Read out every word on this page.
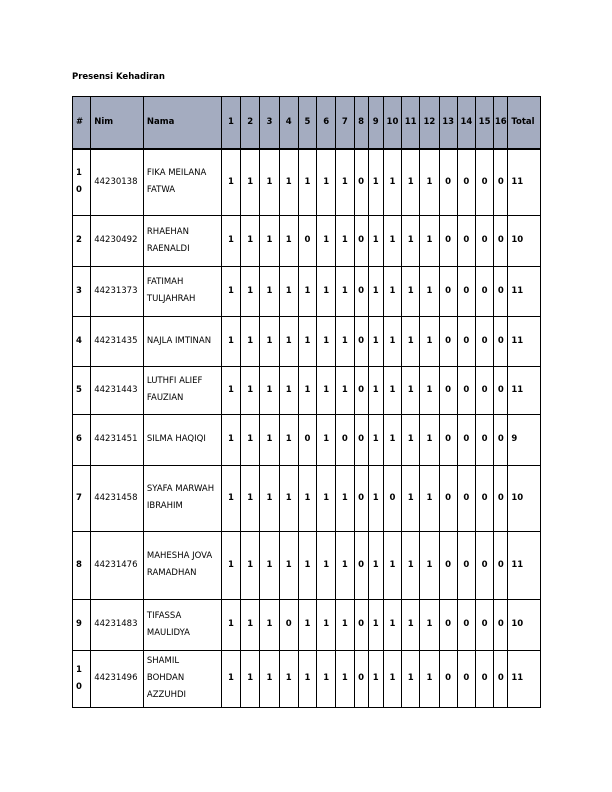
Presensi Kehadiran

#	Nim	Nama	1	2	3	4	5	6	7	8	9	10	11	12	13	14	15	16	Total
10	44230138	FIKA MEILANA FATWA	1	1	1	1	1	1	1	0	1	1	1	1	0	0	0	0	11
2	44230492	RHAEHAN RAENALDI	1	1	1	1	0	1	1	0	1	1	1	1	0	0	0	0	10
3	44231373	FATIMAH TULJAHRAH	1	1	1	1	1	1	1	0	1	1	1	1	0	0	0	0	11
4	44231435	NAJLA IMTINAN	1	1	1	1	1	1	1	0	1	1	1	1	0	0	0	0	11
5	44231443	LUTHFI ALIEF FAUZIAN	1	1	1	1	1	1	1	0	1	1	1	1	0	0	0	0	11
6	44231451	SILMA HAQIQI	1	1	1	1	0	1	0	0	1	1	1	1	0	0	0	0	9
7	44231458	SYAFA MARWAH IBRAHIM	1	1	1	1	1	1	1	0	1	0	1	1	0	0	0	0	10
8	44231476	MAHESHA JOVA RAMADHAN	1	1	1	1	1	1	1	0	1	1	1	1	0	0	0	0	11
9	44231483	TIFASSA MAULIDYA	1	1	1	0	1	1	1	0	1	1	1	1	0	0	0	0	10
10	44231496	SHAMIL BOHDAN AZZUHDI	1	1	1	1	1	1	1	0	1	1	1	1	0	0	0	0	11
